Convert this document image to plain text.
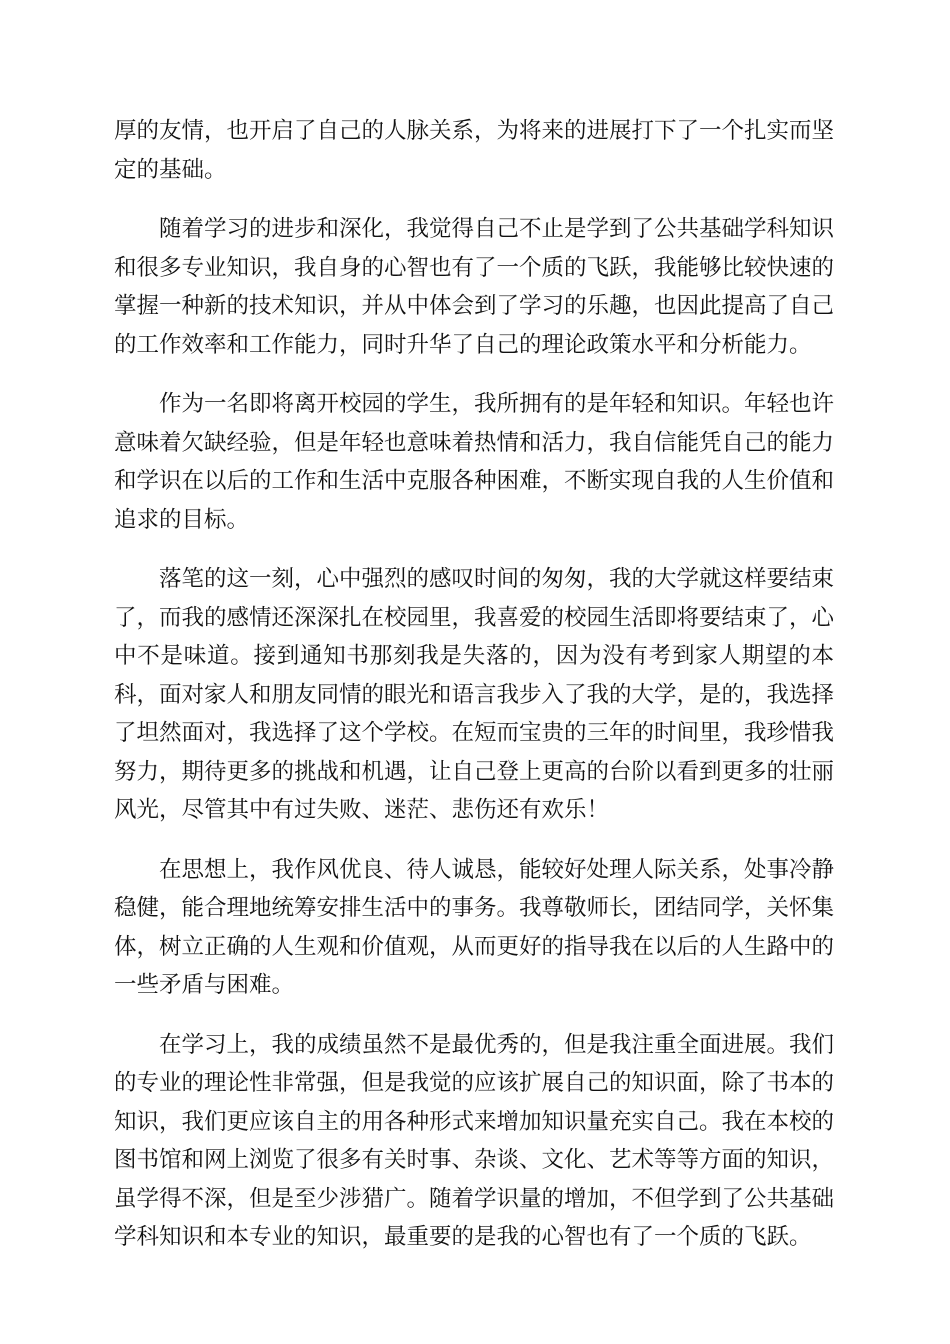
厚的友情，也开启了自己的人脉关系，为将来的进展打下了一个扎实而坚定的基础。

随着学习的进步和深化，我觉得自己不止是学到了公共基础学科知识和很多专业知识，我自身的心智也有了一个质的飞跃，我能够比较快速的掌握一种新的技术知识，并从中体会到了学习的乐趣，也因此提高了自己的工作效率和工作能力，同时升华了自己的理论政策水平和分析能力。

作为一名即将离开校园的学生，我所拥有的是年轻和知识。年轻也许意味着欠缺经验，但是年轻也意味着热情和活力，我自信能凭自己的能力和学识在以后的工作和生活中克服各种困难，不断实现自我的人生价值和追求的目标。

落笔的这一刻，心中强烈的感叹时间的匆匆，我的大学就这样要结束了，而我的感情还深深扎在校园里，我喜爱的校园生活即将要结束了，心中不是味道。接到通知书那刻我是失落的，因为没有考到家人期望的本科，面对家人和朋友同情的眼光和语言我步入了我的大学，是的，我选择了坦然面对，我选择了这个学校。在短而宝贵的三年的时间里，我珍惜我努力，期待更多的挑战和机遇，让自己登上更高的台阶以看到更多的壮丽风光，尽管其中有过失败、迷茫、悲伤还有欢乐！

在思想上，我作风优良、待人诚恳，能较好处理人际关系，处事冷静稳健，能合理地统筹安排生活中的事务。我尊敬师长，团结同学，关怀集体，树立正确的人生观和价值观，从而更好的指导我在以后的人生路中的一些矛盾与困难。

在学习上，我的成绩虽然不是最优秀的，但是我注重全面进展。我们的专业的理论性非常强，但是我觉的应该扩展自己的知识面，除了书本的知识，我们更应该自主的用各种形式来增加知识量充实自己。我在本校的图书馆和网上浏览了很多有关时事、杂谈、文化、艺术等等方面的知识，虽学得不深，但是至少涉猎广。随着学识量的增加，不但学到了公共基础学科知识和本专业的知识，最重要的是我的心智也有了一个质的飞跃。
